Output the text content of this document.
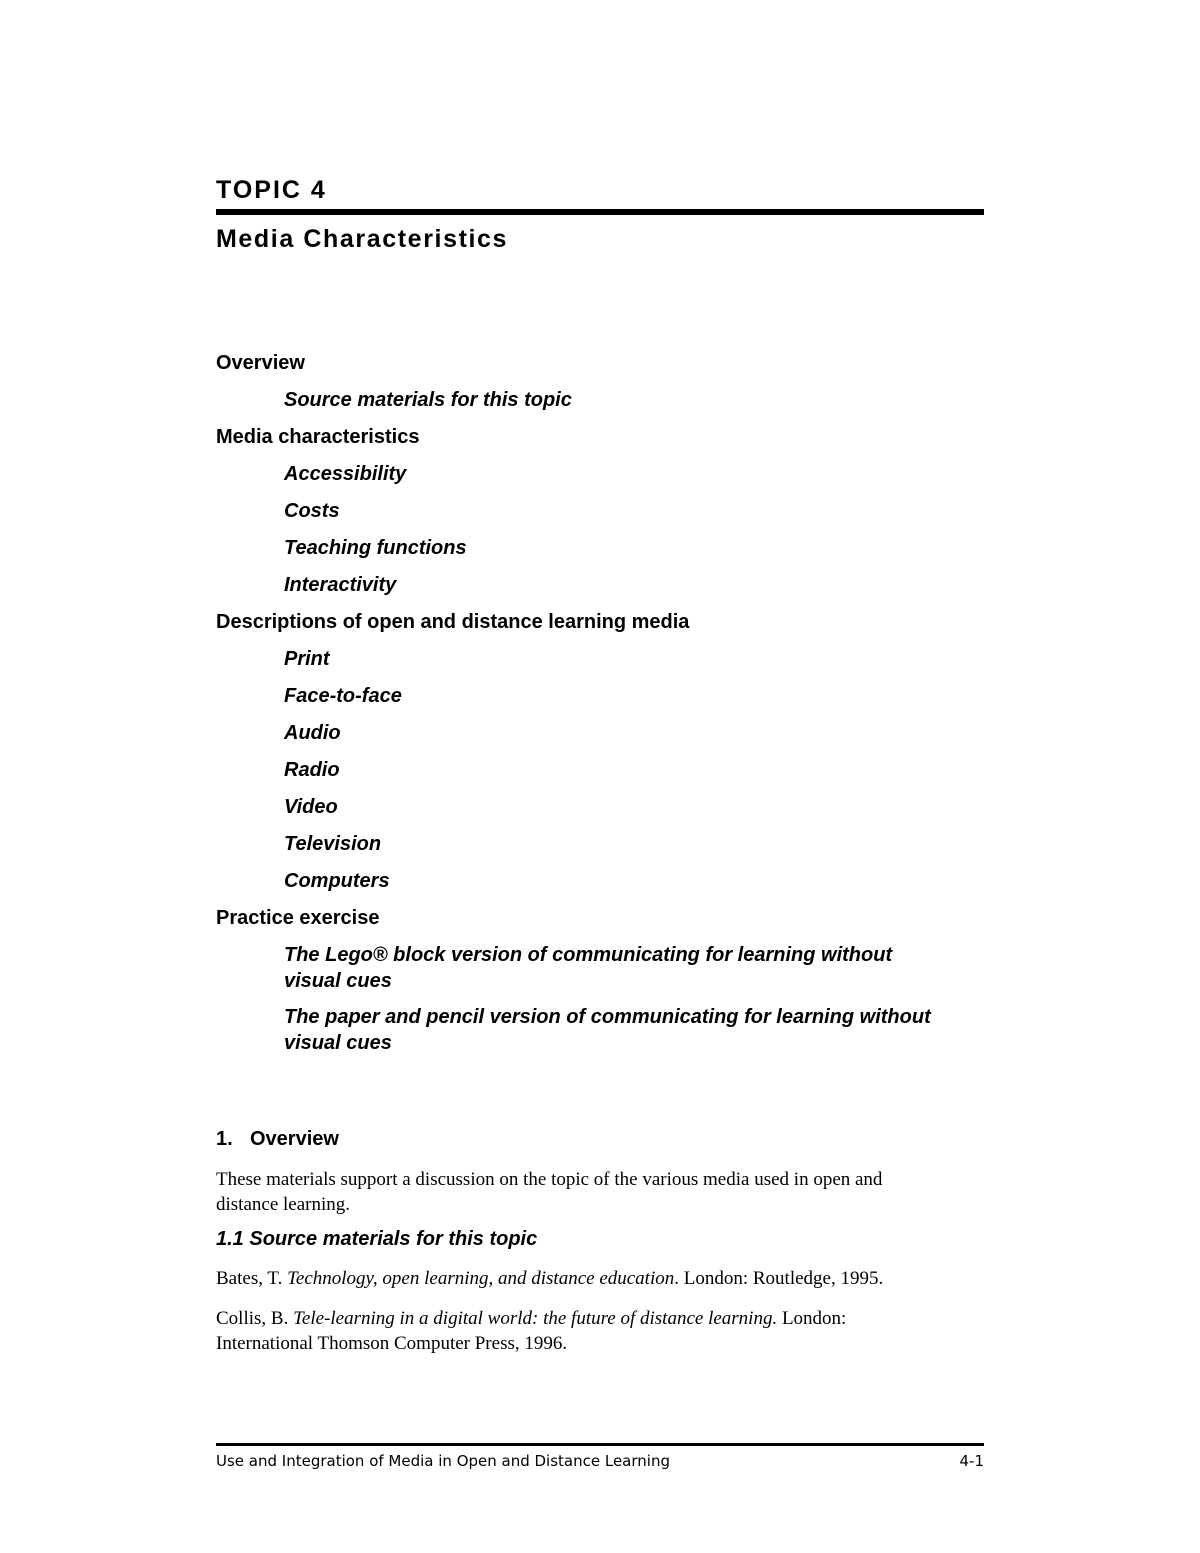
TOPIC 4
Media Characteristics
Overview
Source materials for this topic
Media characteristics
Accessibility
Costs
Teaching functions
Interactivity
Descriptions of open and distance learning media
Print
Face-to-face
Audio
Radio
Video
Television
Computers
Practice exercise
The Lego® block version of communicating for learning without
visual cues
The paper and pencil version of communicating for learning without
visual cues
1. Overview

These materials support a discussion on the topic of the various media used in open and
distance learning.

1.1 Source materials for this topic

Bates, T. Technology, open learning, and distance education. London: Routledge, 1995.

Collis, B. Tele-learning in a digital world: the future of distance learning. London:
International Thomson Computer Press, 1996.

Use and Integration of Media in Open and Distance Learning	4-1
